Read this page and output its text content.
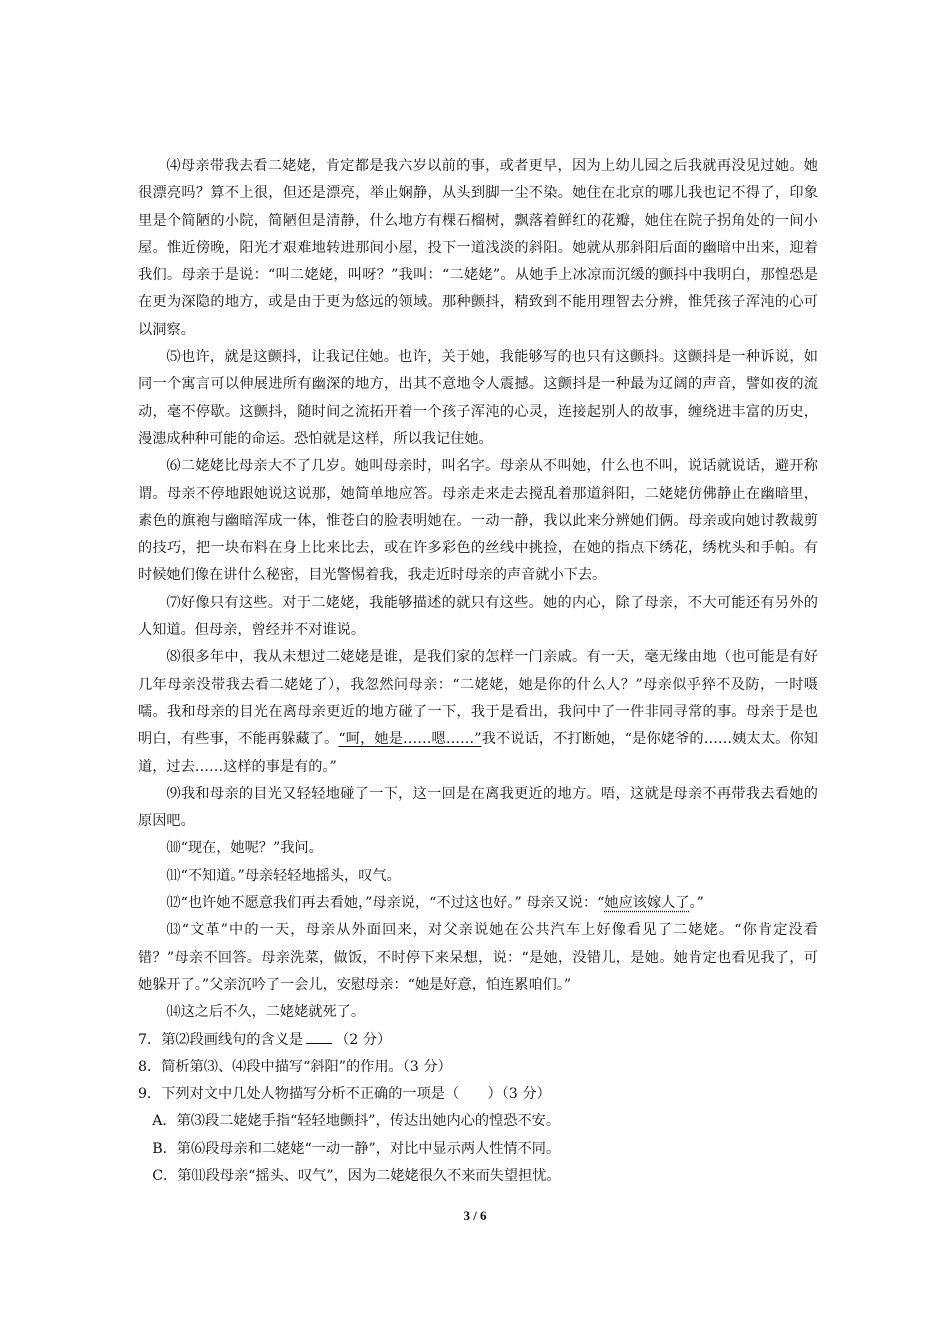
⑷母亲带我去看二姥姥，肯定都是我六岁以前的事，或者更早，因为上幼儿园之后我就再没见过她。她很漂亮吗？算不上很，但还是漂亮，举止娴静，从头到脚一尘不染。她住在北京的哪儿我也记不得了，印象里是个简陋的小院，简陋但是清静，什么地方有棵石榴树，飘落着鲜红的花瓣，她住在院子拐角处的一间小屋。惟近傍晚，阳光才艰难地转进那间小屋，投下一道浅淡的斜阳。她就从那斜阳后面的幽暗中出来，迎着我们。母亲于是说：“叫二姥姥，叫呀？”我叫：“二姥姥”。从她手上冰凉而沉缓的颤抖中我明白，那惶恐是在更为深隐的地方，或是由于更为悠远的领域。那种颤抖，精致到不能用理智去分辨，惟凭孩子浑沌的心可以洞察。

⑸也许，就是这颤抖，让我记住她。也许，关于她，我能够写的也只有这颤抖。这颤抖是一种诉说，如同一个寓言可以伸展进所有幽深的地方，出其不意地令人震撼。这颤抖是一种最为辽阔的声音，譬如夜的流动，毫不停歇。这颤抖，随时间之流拓开着一个孩子浑沌的心灵，连接起别人的故事，缠绕进丰富的历史，漫漶成种种可能的命运。恐怕就是这样，所以我记住她。

⑹二姥姥比母亲大不了几岁。她叫母亲时，叫名字。母亲从不叫她，什么也不叫，说话就说话，避开称谓。母亲不停地跟她说这说那，她简单地应答。母亲走来走去搅乱着那道斜阳，二姥姥仿佛静止在幽暗里，素色的旗袍与幽暗浑成一体，惟苍白的脸表明她在。一动一静，我以此来分辨她们俩。母亲或向她讨教裁剪的技巧，把一块布料在身上比来比去，或在许多彩色的丝线中挑捡，在她的指点下绣花，绣枕头和手帕。有时候她们像在讲什么秘密，目光警惕着我，我走近时母亲的声音就小下去。

⑺好像只有这些。对于二姥姥，我能够描述的就只有这些。她的内心，除了母亲，不大可能还有另外的人知道。但母亲，曾经并不对谁说。

⑻很多年中，我从未想过二姥姥是谁，是我们家的怎样一门亲戚。有一天，毫无缘由地（也可能是有好几年母亲没带我去看二姥姥了），我忽然问母亲：“二姥姥，她是你的什么人？”母亲似乎猝不及防，一时嗫嚅。我和母亲的目光在离母亲更近的地方碰了一下，我于是看出，我问中了一件非同寻常的事。母亲于是也明白，有些事，不能再躲藏了。“呵，她是……嗯……”我不说话，不打断她，“是你姥爷的……姨太太。你知道，过去……这样的事是有的。”

⑼我和母亲的目光又轻轻地碰了一下，这一回是在离我更近的地方。唔，这就是母亲不再带我去看她的原因吧。

⑽“现在，她呢？”我问。

⑾“不知道。”母亲轻轻地摇头，叹气。

⑿“也许她不愿意我们再去看她，”母亲说，“不过这也好。” 母亲又说：“她应该嫁人了。”

⒀“文革”中的一天，母亲从外面回来，对父亲说她在公共汽车上好像看见了二姥姥。“你肯定没看错？”母亲不回答。母亲洗菜，做饭，不时停下来呆想，说：“是她，没错儿，是她。她肯定也看见我了，可她躲开了。”父亲沉吟了一会儿，安慰母亲：“她是好意，怕连累咱们。”

⒁这之后不久，二姥姥就死了。

7．第⑵段画线句的含义是 （2 分）

8．简析第⑶、⑷段中描写“斜阳”的作用。（3 分）

9．下列对文中几处人物描写分析不正确的一项是（　　）（3 分）

A．第⑶段二姥姥手指“轻轻地颤抖”，传达出她内心的惶恐不安。

B．第⑹段母亲和二姥姥“一动一静”，对比中显示两人性情不同。

C．第⑾段母亲“摇头、叹气”，因为二姥姥很久不来而失望担忧。

3 / 6
